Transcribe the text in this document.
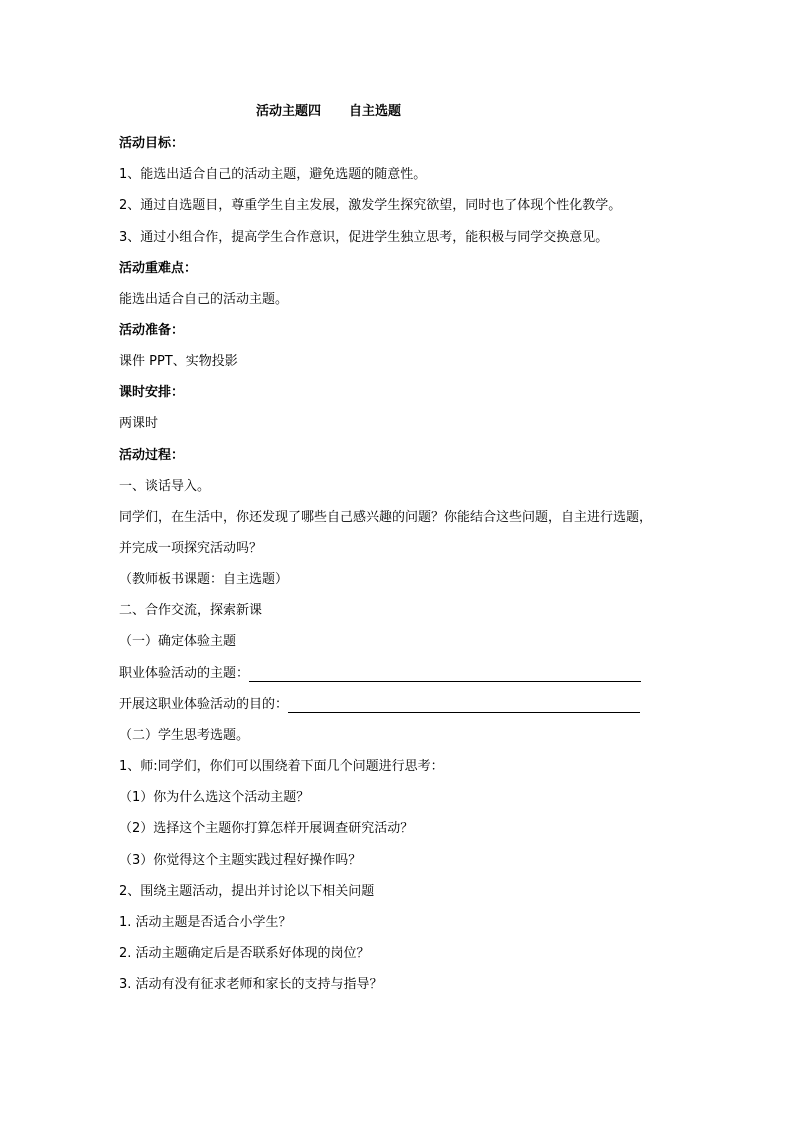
活动主题四 自主选题
活动目标：
1、能选出适合自己的活动主题，避免选题的随意性。
2、通过自选题目，尊重学生自主发展，激发学生探究欲望，同时也了体现个性化教学。
3、通过小组合作，提高学生合作意识，促进学生独立思考，能积极与同学交换意见。
活动重难点：
能选出适合自己的活动主题。
活动准备：
课件 PPT、实物投影
课时安排：
两课时
活动过程：
一、谈话导入。
同学们，在生活中，你还发现了哪些自己感兴趣的问题？你能结合这些问题，自主进行选题，
并完成一项探究活动吗？
（教师板书课题：自主选题）
二、合作交流，探索新课
（一）确定体验主题
职业体验活动的主题：
开展这职业体验活动的目的：
（二）学生思考选题。
1、师:同学们，你们可以围绕着下面几个问题进行思考：
（1）你为什么选这个活动主题？
（2）选择这个主题你打算怎样开展调查研究活动？
（3）你觉得这个主题实践过程好操作吗？
2、围绕主题活动，提出并讨论以下相关问题
1. 活动主题是否适合小学生？
2. 活动主题确定后是否联系好体现的岗位？
3. 活动有没有征求老师和家长的支持与指导？
